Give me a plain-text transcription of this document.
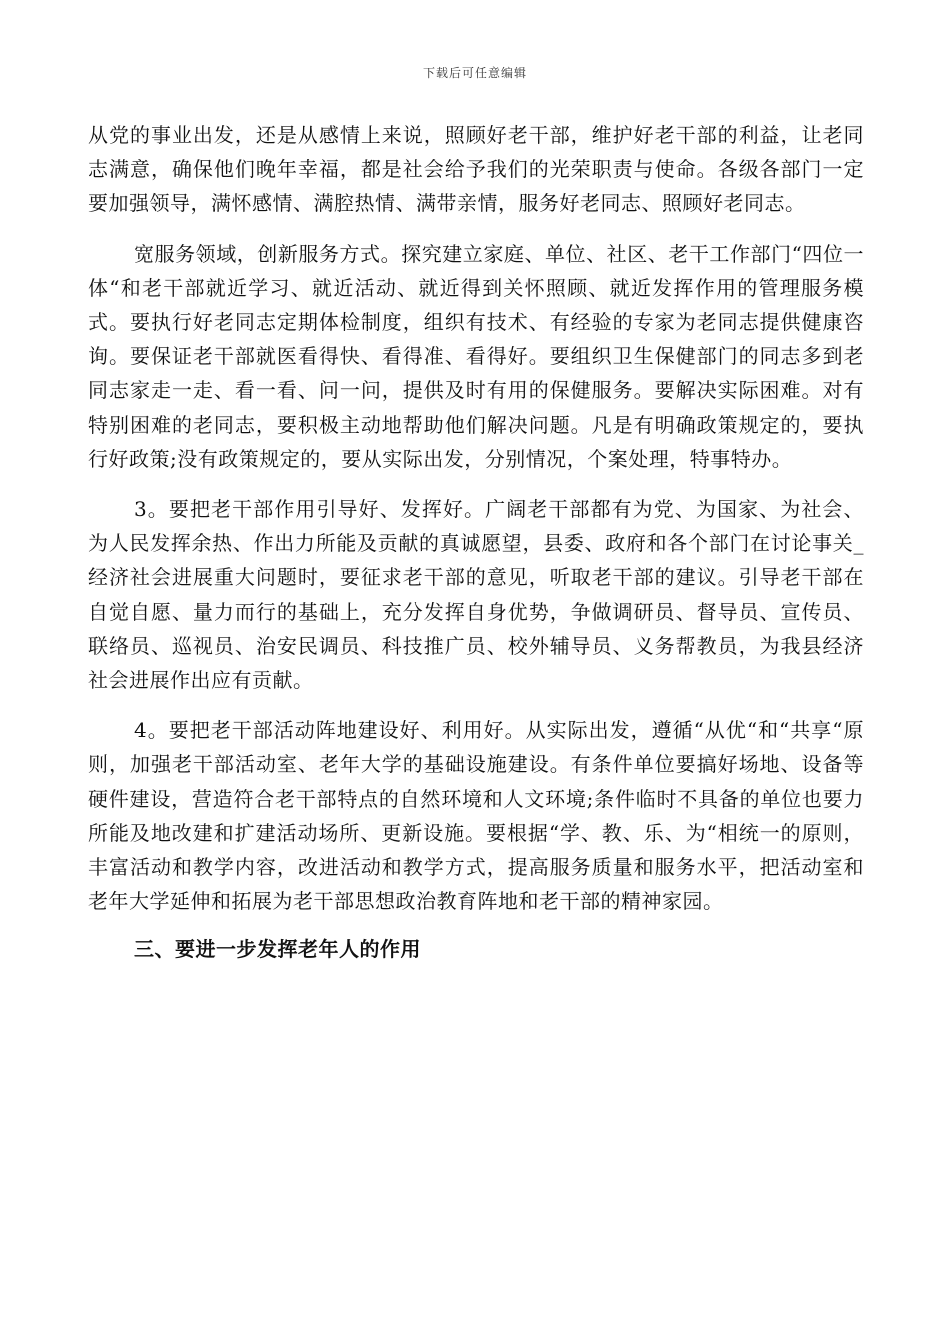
下载后可任意编辑

从党的事业出发，还是从感情上来说，照顾好老干部，维护好老干部的利益，让老同志满意，确保他们晚年幸福，都是社会给予我们的光荣职责与使命。各级各部门一定要加强领导，满怀感情、满腔热情、满带亲情，服务好老同志、照顾好老同志。

宽服务领域，创新服务方式。探究建立家庭、单位、社区、老干工作部门“四位一体“和老干部就近学习、就近活动、就近得到关怀照顾、就近发挥作用的管理服务模式。要执行好老同志定期体检制度，组织有技术、有经验的专家为老同志提供健康咨询。要保证老干部就医看得快、看得准、看得好。要组织卫生保健部门的同志多到老同志家走一走、看一看、问一问，提供及时有用的保健服务。要解决实际困难。对有特别困难的老同志，要积极主动地帮助他们解决问题。凡是有明确政策规定的，要执行好政策;没有政策规定的，要从实际出发，分别情况，个案处理，特事特办。

3。要把老干部作用引导好、发挥好。广阔老干部都有为党、为国家、为社会、为人民发挥余热、作出力所能及贡献的真诚愿望，县委、政府和各个部门在讨论事关_经济社会进展重大问题时，要征求老干部的意见，听取老干部的建议。引导老干部在自觉自愿、量力而行的基础上，充分发挥自身优势，争做调研员、督导员、宣传员、联络员、巡视员、治安民调员、科技推广员、校外辅导员、义务帮教员，为我县经济社会进展作出应有贡献。

4。要把老干部活动阵地建设好、利用好。从实际出发，遵循“从优“和“共享“原则，加强老干部活动室、老年大学的基础设施建设。有条件单位要搞好场地、设备等硬件建设，营造符合老干部特点的自然环境和人文环境;条件临时不具备的单位也要力所能及地改建和扩建活动场所、更新设施。要根据“学、教、乐、为“相统一的原则，丰富活动和教学内容，改进活动和教学方式，提高服务质量和服务水平，把活动室和老年大学延伸和拓展为老干部思想政治教育阵地和老干部的精神家园。

三、要进一步发挥老年人的作用
